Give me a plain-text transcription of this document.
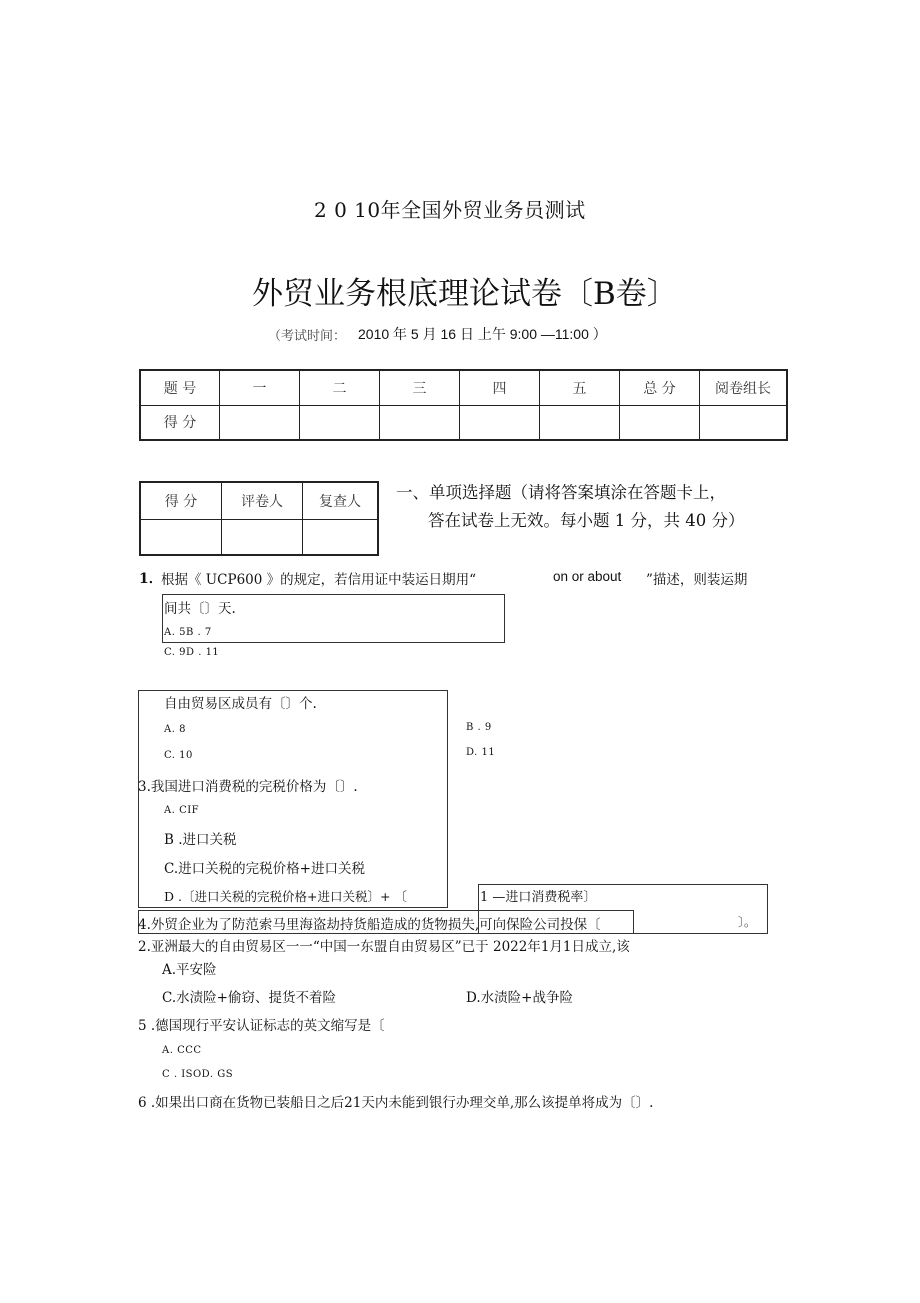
2 0 10年全国外贸业务员测试
外贸业务根底理论试卷〔B卷〕
（考试时间： 2010 年 5 月 16 日 上午 9:00 —11:00 ）
题 号	一	二	三	四	五	总 分	阅卷组长
得 分							
得 分	评卷人	复查人
		一、单项选择题（请将答案填涂在答题卡上，
答在试卷上无效。每小题 1 分，共 40 分）
1．
根据《 UCP600 》的规定，若信用证中装运日期用“	on or about ”描述，则装运期
间共〔〕天.
A. 5B . 7
C. 9D . 11
自由贸易区成员有〔〕个.
A. 8	B . 9
C. 10	D. 11
3.我国进口消费税的完税价格为〔〕.
A. CIF
B .进口关税
C.进口关税的完税价格+进口关税
D .〔进口关税的完税价格+进口关税〕+ 〔	1 —进口消费税率〕
4.外贸企业为了防范索马里海盗劫持货船造成的货物损失,可向保险公司投保〔	〕。
2.亚洲最大的自由贸易区一一“中国一东盟自由贸易区”已于 2022年1月1日成立,该
A.平安险
C.水渍险+偷窃、提货不着险	D.水渍险+战争险
5 .德国现行平安认证标志的英文缩写是〔
A. CCC
C . ISOD. GS
6 .如果出口商在货物已装船日之后21天内未能到银行办理交单,那么该提单将成为〔〕.
